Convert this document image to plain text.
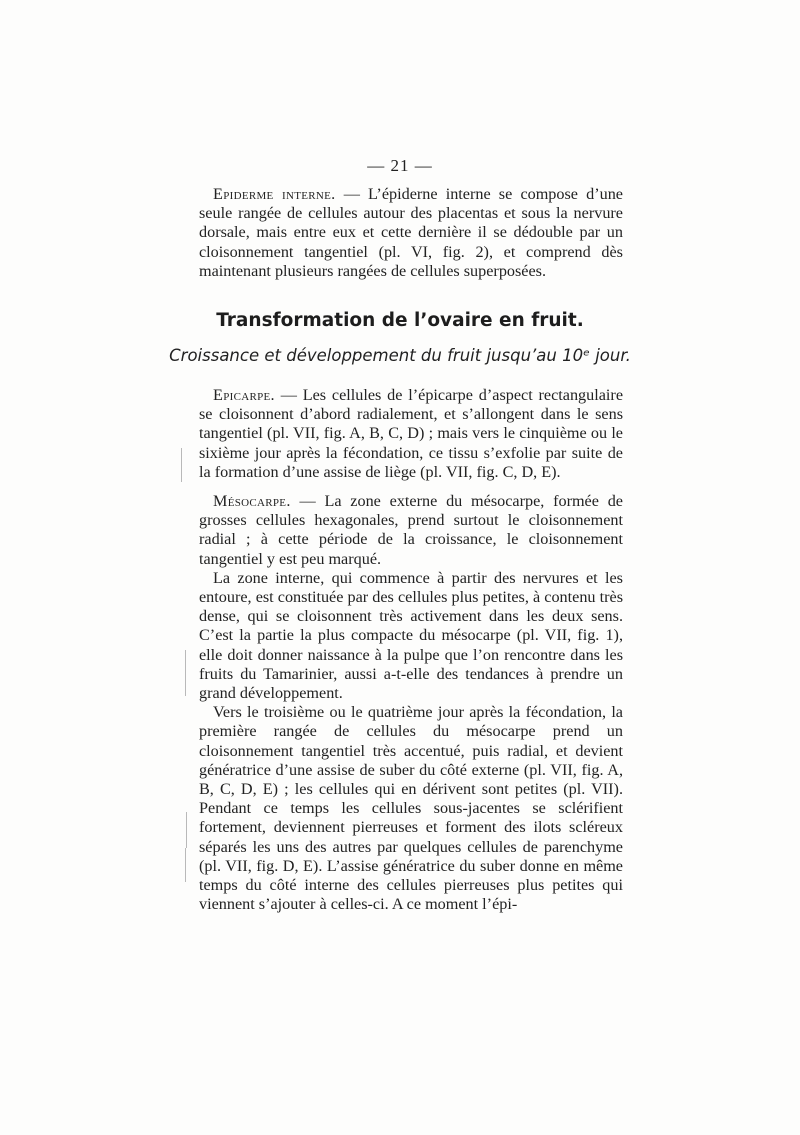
— 21 —

Epiderme interne. — L’épiderne interne se compose d’une seule rangée de cellules autour des placentas et sous la nervure dorsale, mais entre eux et cette dernière il se dédouble par un cloisonnement tangentiel (pl. VI, fig. 2), et comprend dès maintenant plusieurs rangées de cellules superposées.

Transformation de l’ovaire en fruit.
Croissance et développement du fruit jusqu’au 10ᵉ jour.

Epicarpe. — Les cellules de l’épicarpe d’aspect rectangulaire se cloisonnent d’abord radialement, et s’allongent dans le sens tangentiel (pl. VII, fig. A, B, C, D) ; mais vers le cinquième ou le sixième jour après la fécondation, ce tissu s’exfolie par suite de la formation d’une assise de liège (pl. VII, fig. C, D, E).

Mésocarpe. — La zone externe du mésocarpe, formée de grosses cellules hexagonales, prend surtout le cloisonnement radial ; à cette période de la croissance, le cloisonnement tangentiel y est peu marqué.

La zone interne, qui commence à partir des nervures et les entoure, est constituée par des cellules plus petites, à contenu très dense, qui se cloisonnent très activement dans les deux sens. C’est la partie la plus compacte du mésocarpe (pl. VII, fig. 1), elle doit donner naissance à la pulpe que l’on rencontre dans les fruits du Tamarinier, aussi a-t-elle des tendances à prendre un grand développement.

Vers le troisième ou le quatrième jour après la fécondation, la première rangée de cellules du mésocarpe prend un cloisonnement tangentiel très accentué, puis radial, et devient génératrice d’une assise de suber du côté externe (pl. VII, fig. A, B, C, D, E) ; les cellules qui en dérivent sont petites (pl. VII). Pendant ce temps les cellules sous-jacentes se sclérifient fortement, deviennent pierreuses et forment des ilots scléreux séparés les uns des autres par quelques cellules de parenchyme (pl. VII, fig. D, E). L’assise génératrice du suber donne en même temps du côté interne des cellules pierreuses plus petites qui viennent s’ajouter à celles-ci. A ce moment l’épi-
